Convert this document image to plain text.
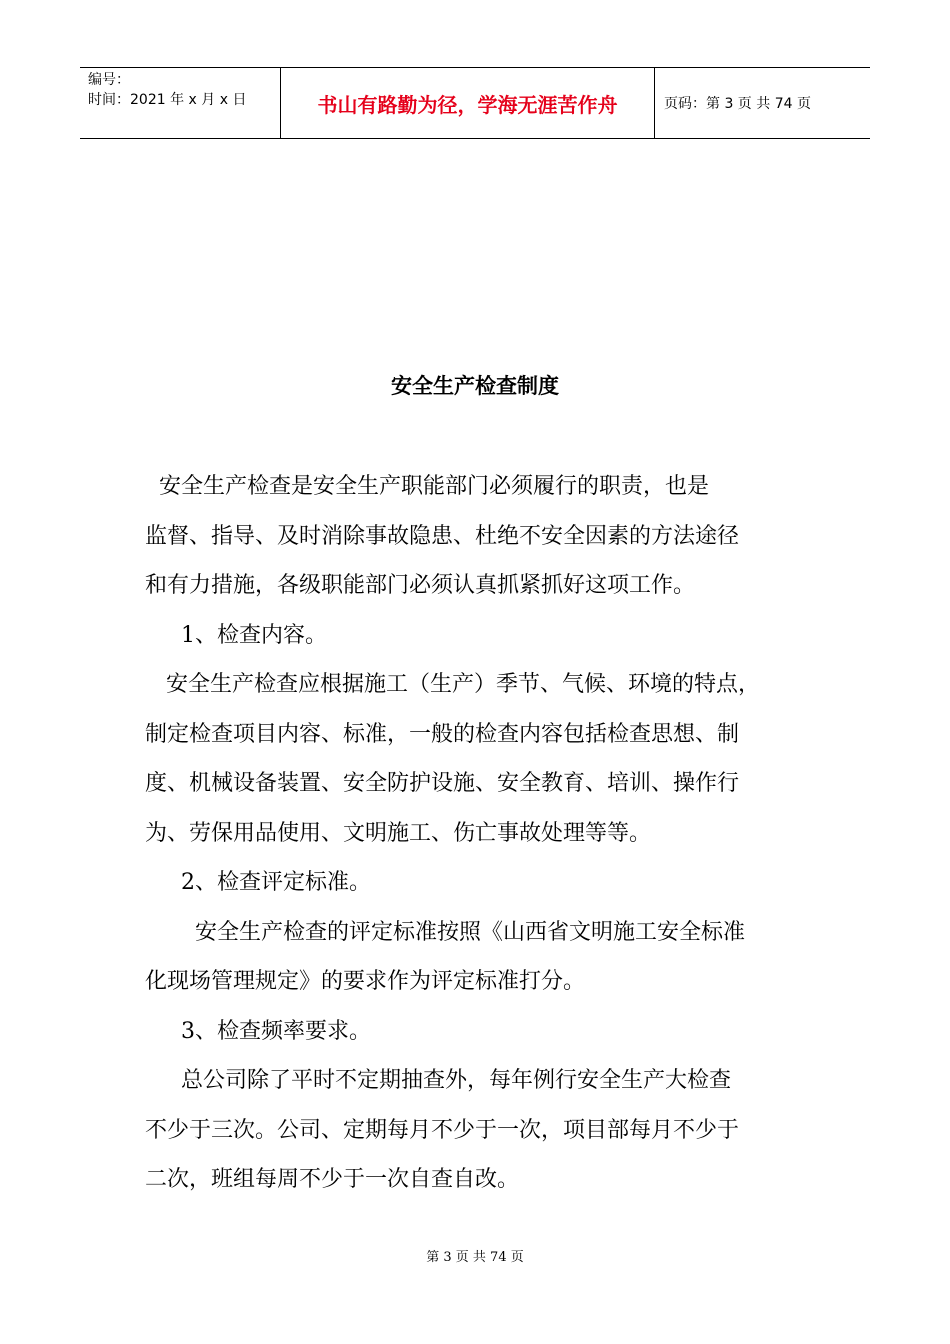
编号：
时间：2021 年 x 月 x 日	书山有路勤为径，学海无涯苦作舟	页码：第 3 页 共 74 页
安全生产检查制度

安全生产检查是安全生产职能部门必须履行的职责，也是

监督、指导、及时消除事故隐患、杜绝不安全因素的方法途径

和有力措施，各级职能部门必须认真抓紧抓好这项工作。

1、检查内容。

安全生产检查应根据施工（生产）季节、气候、环境的特点，

制定检查项目内容、标准，一般的检查内容包括检查思想、制

度、机械设备装置、安全防护设施、安全教育、培训、操作行

为、劳保用品使用、文明施工、伤亡事故处理等等。

2、检查评定标准。

安全生产检查的评定标准按照《山西省文明施工安全标准

化现场管理规定》的要求作为评定标准打分。

3、检查频率要求。

总公司除了平时不定期抽查外，每年例行安全生产大检查

不少于三次。公司、定期每月不少于一次，项目部每月不少于

二次，班组每周不少于一次自查自改。

第 3 页 共 74 页
